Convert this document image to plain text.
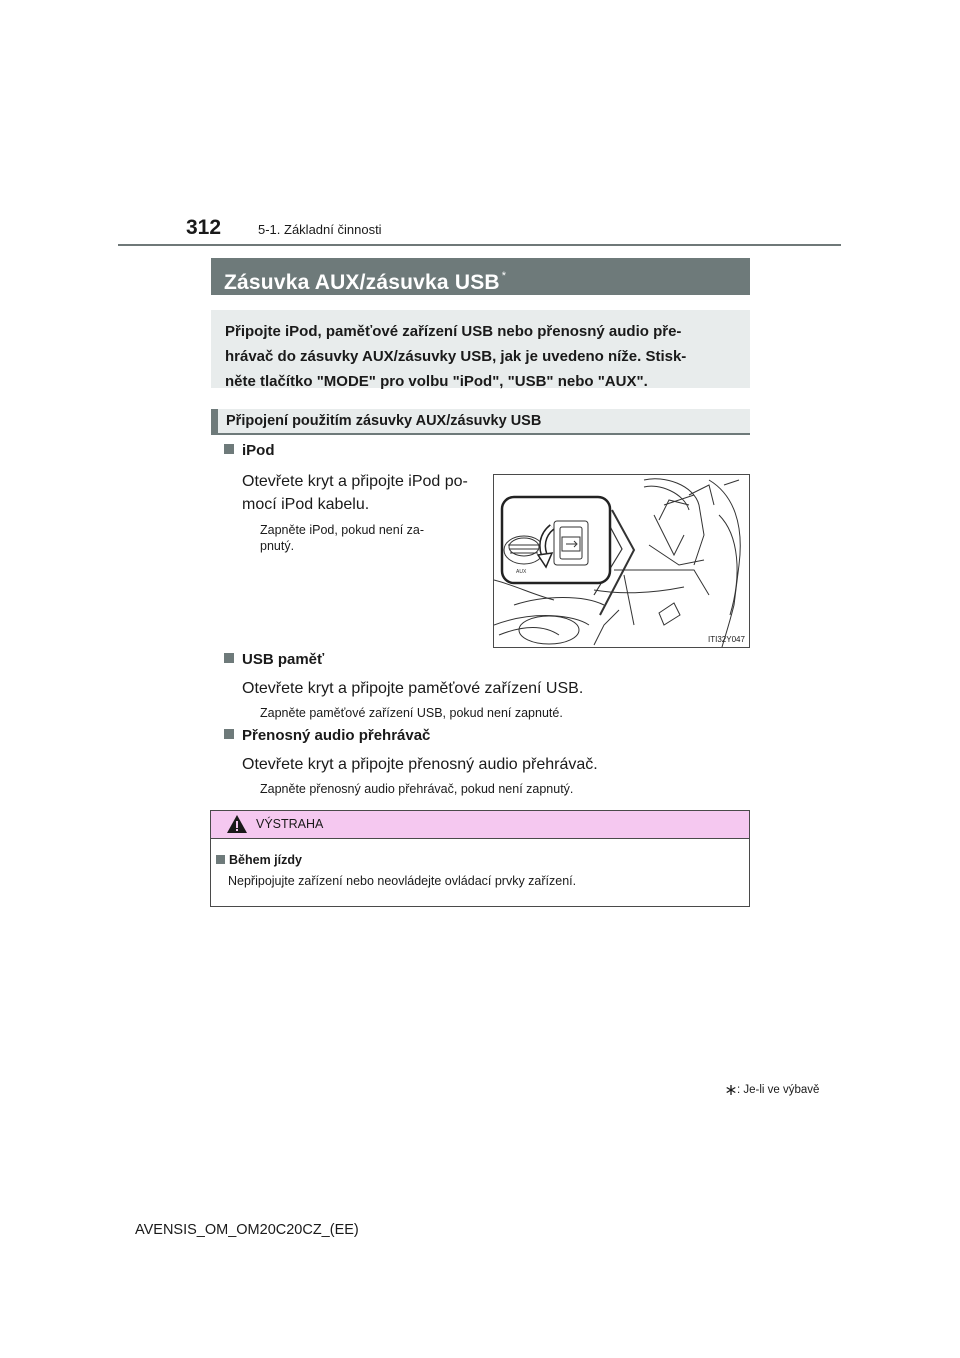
312	5-1. Základní činnosti
Zásuvka AUX/zásuvka USB *
Připojte iPod, paměťové zařízení USB nebo přenosný audio pře-
hrávač do zásuvky AUX/zásuvky USB, jak je uvedeno níže. Stisk-
něte tlačítko "MODE" pro volbu "iPod", "USB" nebo "AUX".
Připojení použitím zásuvky AUX/zásuvky USB
iPod
Otevřete kryt a připojte iPod po-
mocí iPod kabelu.
Zapněte iPod, pokud není za-
pnutý.
AUX
ITI32Y047
USB paměť
Otevřete kryt a připojte paměťové zařízení USB.
Zapněte paměťové zařízení USB, pokud není zapnuté.
Přenosný audio přehrávač
Otevřete kryt a připojte přenosný audio přehrávač.
Zapněte přenosný audio přehrávač, pokud není zapnutý.
VÝSTRAHA
Během jízdy
Nepřipojujte zařízení nebo neovládejte ovládací prvky zařízení.
: Je-li ve výbavě
AVENSIS_OM_OM20C20CZ_(EE)
